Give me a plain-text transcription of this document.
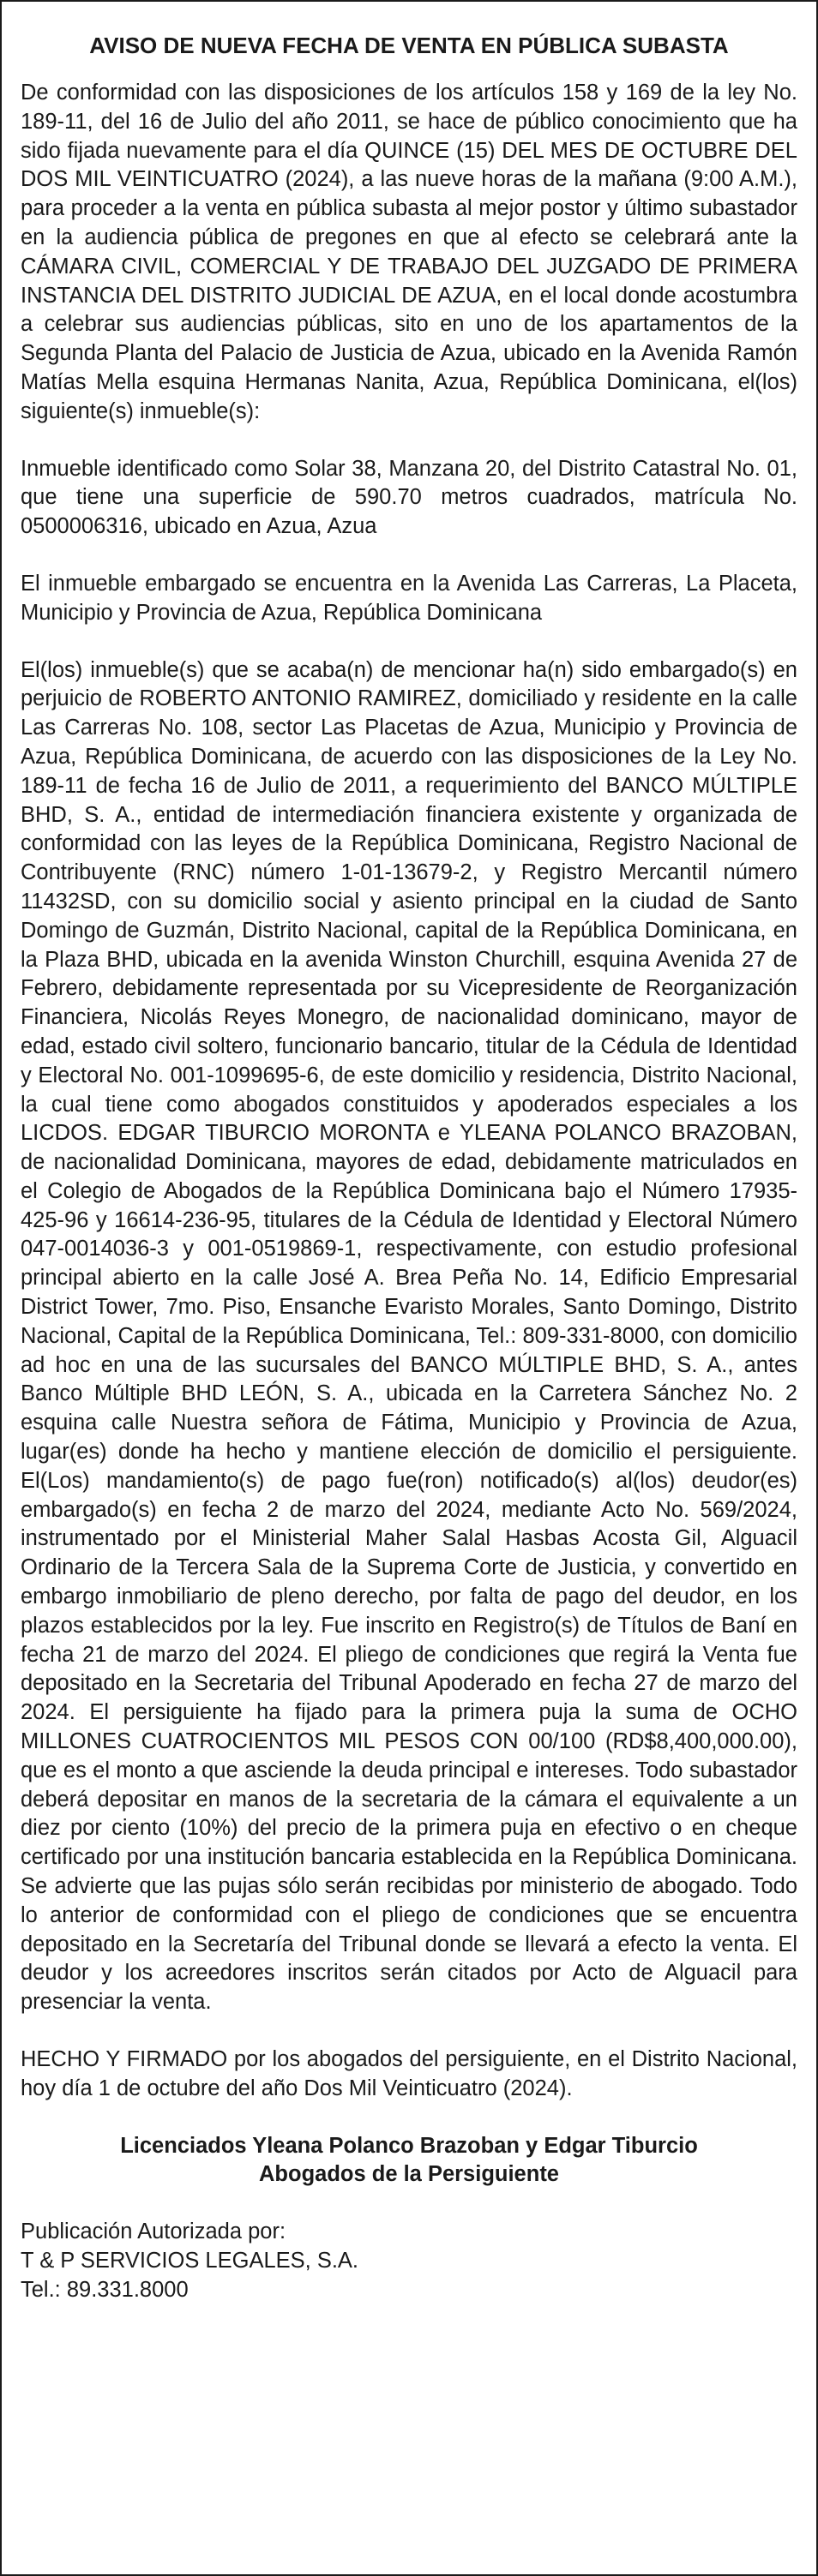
AVISO DE NUEVA FECHA DE VENTA EN PÚBLICA SUBASTA

De conformidad con las disposiciones de los artículos 158 y 169 de la ley No. 189-11, del 16 de Julio del año 2011, se hace de público conocimiento que ha sido fijada nuevamente para el día QUINCE (15) DEL MES DE OCTUBRE DEL DOS MIL VEINTICUATRO (2024), a las nueve horas de la mañana (9:00 A.M.), para proceder a la venta en pública subasta al mejor postor y último subastador en la audiencia pública de pregones en que al efecto se celebrará ante la CÁMARA CIVIL, COMERCIAL Y DE TRABAJO DEL JUZGADO DE PRIMERA INSTANCIA DEL DISTRITO JUDICIAL DE AZUA, en el local donde acostumbra a celebrar sus audiencias públicas, sito en uno de los apartamentos de la Segunda Planta del Palacio de Justicia de Azua, ubicado en la Avenida Ramón Matías Mella esquina Hermanas Nanita, Azua, República Dominicana, el(los) siguiente(s) inmueble(s):

Inmueble identificado como Solar 38, Manzana 20, del Distrito Catastral No. 01, que tiene una superficie de 590.70 metros cuadrados, matrícula No. 0500006316, ubicado en Azua, Azua

El inmueble embargado se encuentra en la Avenida Las Carreras, La Placeta, Municipio y Provincia de Azua, República Dominicana

El(los) inmueble(s) que se acaba(n) de mencionar ha(n) sido embargado(s) en perjuicio de ROBERTO ANTONIO RAMIREZ, domiciliado y residente en la calle Las Carreras No. 108, sector Las Placetas de Azua, Municipio y Provincia de Azua, República Dominicana, de acuerdo con las disposiciones de la Ley No. 189-11 de fecha 16 de Julio de 2011, a requerimiento del BANCO MÚLTIPLE BHD, S. A., entidad de intermediación financiera existente y organizada de conformidad con las leyes de la República Dominicana, Registro Nacional de Contribuyente (RNC) número 1-01-13679-2, y Registro Mercantil número 11432SD, con su domicilio social y asiento principal en la ciudad de Santo Domingo de Guzmán, Distrito Nacional, capital de la República Dominicana, en la Plaza BHD, ubicada en la avenida Winston Churchill, esquina Avenida 27 de Febrero, debidamente representada por su Vicepresidente de Reorganización Financiera, Nicolás Reyes Monegro, de nacionalidad dominicano, mayor de edad, estado civil soltero, funcionario bancario, titular de la Cédula de Identidad y Electoral No. 001-1099695-6, de este domicilio y residencia, Distrito Nacional, la cual tiene como abogados constituidos y apoderados especiales a los LICDOS. EDGAR TIBURCIO MORONTA e YLEANA POLANCO BRAZOBAN, de nacionalidad Dominicana, mayores de edad, debidamente matriculados en el Colegio de Abogados de la República Dominicana bajo el Número 17935-425-96 y 16614-236-95, titulares de la Cédula de Identidad y Electoral Número 047-0014036-3 y 001-0519869-1, respectivamente, con estudio profesional principal abierto en la calle José A. Brea Peña No. 14, Edificio Empresarial District Tower, 7mo. Piso, Ensanche Evaristo Morales, Santo Domingo, Distrito Nacional, Capital de la República Dominicana, Tel.: 809-331-8000, con domicilio ad hoc en una de las sucursales del BANCO MÚLTIPLE BHD, S. A., antes Banco Múltiple BHD LEÓN, S. A., ubicada en la Carretera Sánchez No. 2 esquina calle Nuestra señora de Fátima, Municipio y Provincia de Azua, lugar(es) donde ha hecho y mantiene elección de domicilio el persiguiente. El(Los) mandamiento(s) de pago fue(ron) notificado(s) al(los) deudor(es) embargado(s) en fecha 2 de marzo del 2024, mediante Acto No. 569/2024, instrumentado por el Ministerial Maher Salal Hasbas Acosta Gil, Alguacil Ordinario de la Tercera Sala de la Suprema Corte de Justicia, y convertido en embargo inmobiliario de pleno derecho, por falta de pago del deudor, en los plazos establecidos por la ley. Fue inscrito en Registro(s) de Títulos de Baní en fecha 21 de marzo del 2024. El pliego de condiciones que regirá la Venta fue depositado en la Secretaria del Tribunal Apoderado en fecha 27 de marzo del 2024. El persiguiente ha fijado para la primera puja la suma de OCHO MILLONES CUATROCIENTOS MIL PESOS CON 00/100 (RD$8,400,000.00), que es el monto a que asciende la deuda principal e intereses. Todo subastador deberá depositar en manos de la secretaria de la cámara el equivalente a un diez por ciento (10%) del precio de la primera puja en efectivo o en cheque certificado por una institución bancaria establecida en la República Dominicana. Se advierte que las pujas sólo serán recibidas por ministerio de abogado. Todo lo anterior de conformidad con el pliego de condiciones que se encuentra depositado en la Secretaría del Tribunal donde se llevará a efecto la venta. El deudor y los acreedores inscritos serán citados por Acto de Alguacil para presenciar la venta.

HECHO Y FIRMADO por los abogados del persiguiente, en el Distrito Nacional, hoy día 1 de octubre del año Dos Mil Veinticuatro (2024).

Licenciados Yleana Polanco Brazoban y Edgar Tiburcio
Abogados de la Persiguiente
Publicación Autorizada por:
T & P SERVICIOS LEGALES, S.A.
Tel.: 89.331.8000
